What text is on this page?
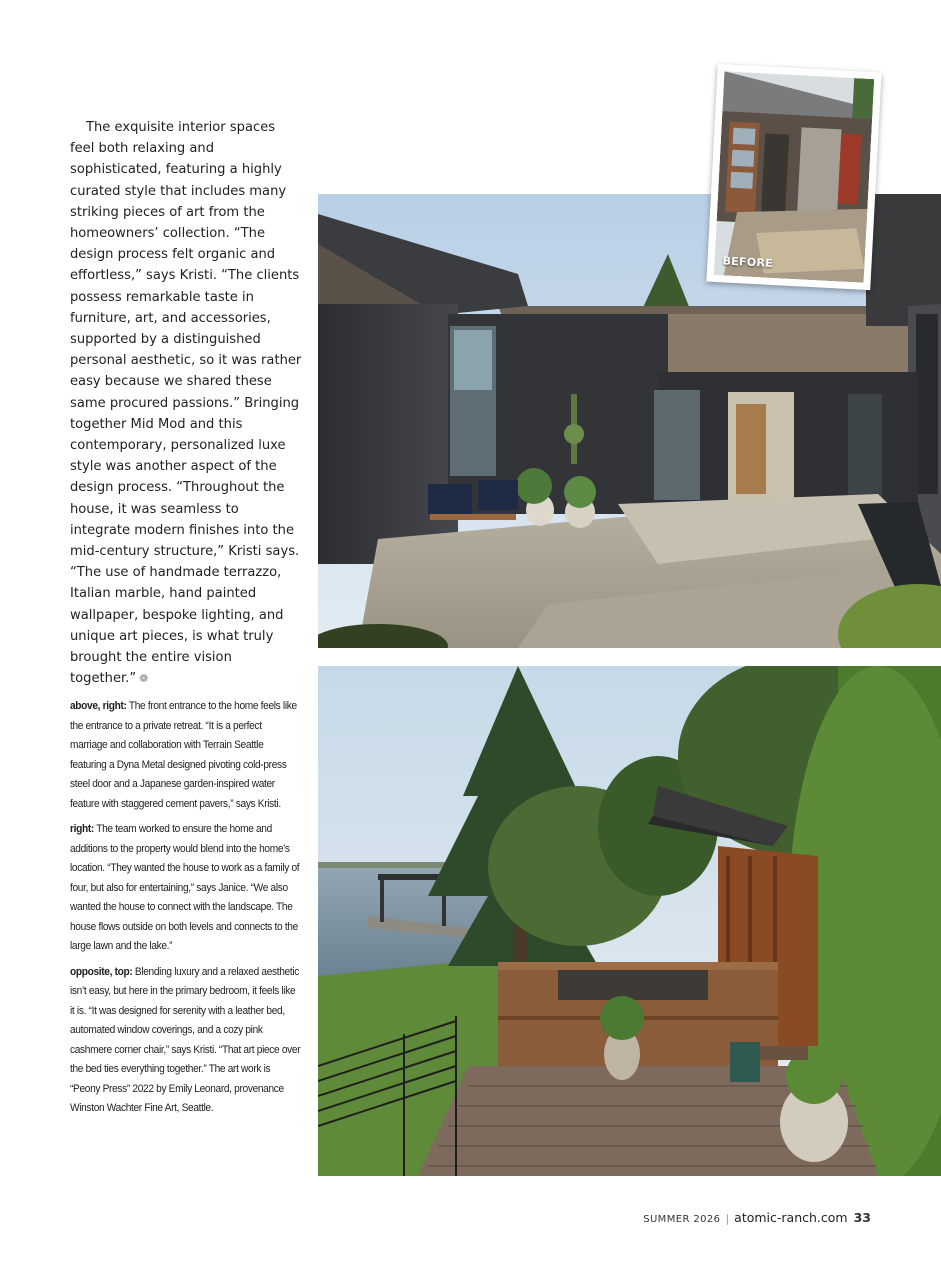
The exquisite interior spaces feel both relaxing and sophisticated, featuring a highly curated style that includes many striking pieces of art from the homeowners’ collection. “The design process felt organic and effortless,” says Kristi. “The clients possess remarkable taste in furniture, art, and accessories, supported by a distinguished personal aesthetic, so it was rather easy because we shared these same procured passions.” Bringing together Mid Mod and this contemporary, personalized luxe style was another aspect of the design process. “Throughout the house, it was seamless to integrate modern finishes into the mid-century structure,” Kristi says. “The use of handmade terrazzo, Italian marble, hand painted wallpaper, bespoke lighting, and unique art pieces, is what truly brought the entire vision together.” ❁

above, right: The front entrance to the home feels like the entrance to a private retreat. “It is a perfect marriage and collaboration with Terrain Seattle featuring a Dyna Metal designed pivoting cold-press steel door and a Japanese garden-inspired water feature with staggered cement pavers,” says Kristi.

right: The team worked to ensure the home and additions to the property would blend into the home’s location. “They wanted the house to work as a family of four, but also for entertaining,” says Janice. “We also wanted the house to connect with the landscape. The house flows outside on both levels and connects to the large lawn and the lake.”

opposite, top: Blending luxury and a relaxed aesthetic isn’t easy, but here in the primary bedroom, it feels like it is. “It was designed for serenity with a leather bed, automated window coverings, and a cozy pink cashmere corner chair,” says Kristi. “That art piece over the bed ties everything together.” The art work is “Peony Press” 2022 by Emily Leonard, provenance Winston Wachter Fine Art, Seattle.

BEFORE
SUMMER 2026 | atomic-ranch.com 33
